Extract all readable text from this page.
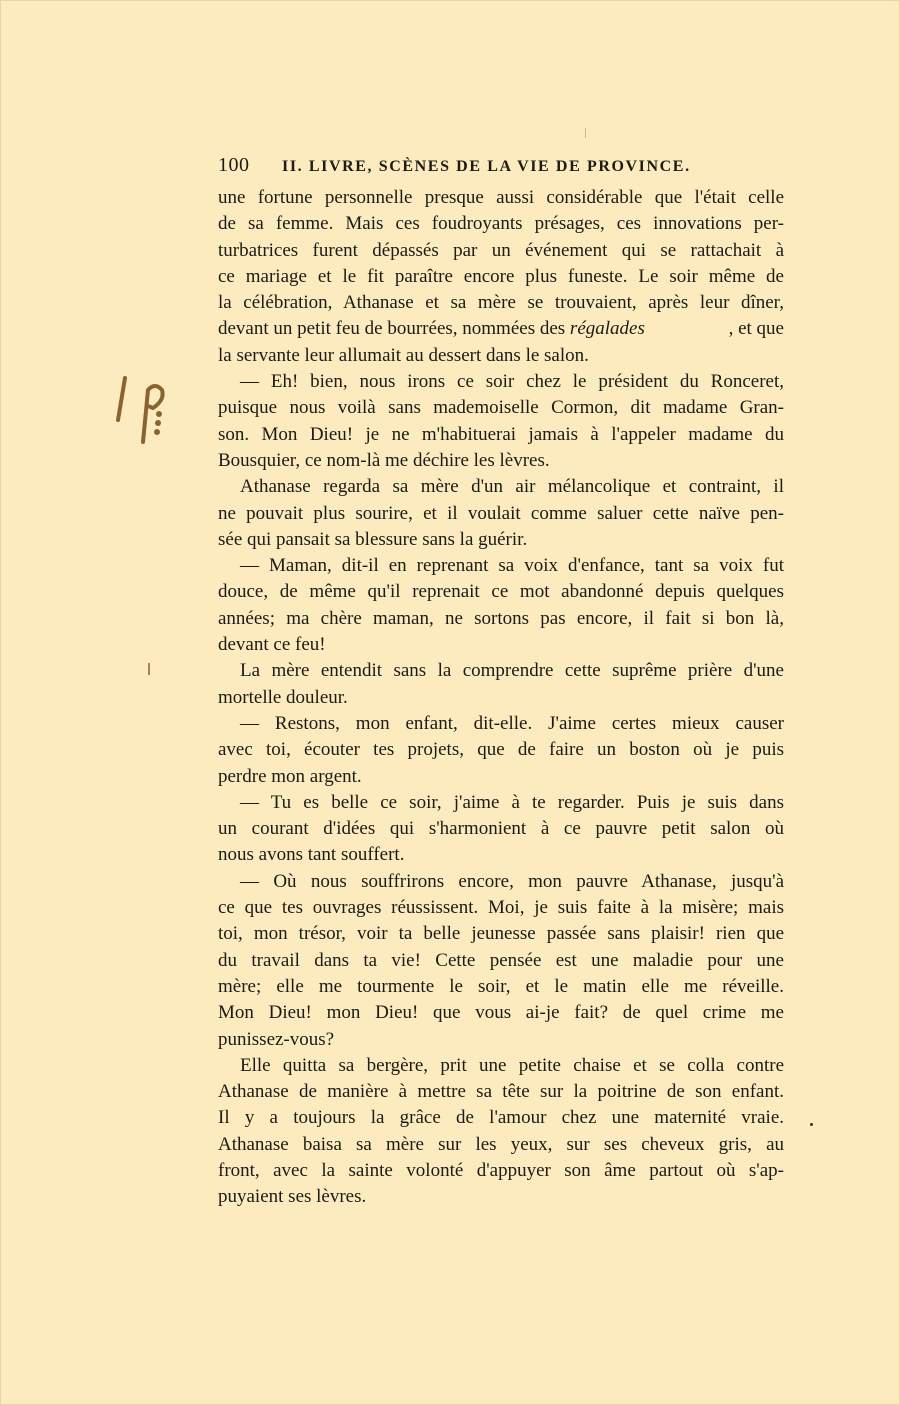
100	II. LIVRE, SCÈNES DE LA VIE DE PROVINCE.
une fortune personnelle presque aussi considérable que l'était celle
de sa femme. Mais ces foudroyants présages, ces innovations per-
turbatrices furent dépassés par un événement qui se rattachait à
ce mariage et le fit paraître encore plus funeste. Le soir même de
la célébration, Athanase et sa mère se trouvaient, après leur dîner,
devant un petit feu de bourrées, nommées des régalades	, et que
la servante leur allumait au dessert dans le salon.
— Eh! bien, nous irons ce soir chez le président du Ronceret,
puisque nous voilà sans mademoiselle Cormon, dit madame Gran-
son. Mon Dieu! je ne m'habituerai jamais à l'appeler madame du
Bousquier, ce nom-là me déchire les lèvres.
Athanase regarda sa mère d'un air mélancolique et contraint, il
ne pouvait plus sourire, et il voulait comme saluer cette naïve pen-
sée qui pansait sa blessure sans la guérir.
— Maman, dit-il en reprenant sa voix d'enfance, tant sa voix fut
douce, de même qu'il reprenait ce mot abandonné depuis quelques
années; ma chère maman, ne sortons pas encore, il fait si bon là,
devant ce feu!
La mère entendit sans la comprendre cette suprême prière d'une
mortelle douleur.
— Restons, mon enfant, dit-elle. J'aime certes mieux causer
avec toi, écouter tes projets, que de faire un boston où je puis
perdre mon argent.
— Tu es belle ce soir, j'aime à te regarder. Puis je suis dans
un courant d'idées qui s'harmonient à ce pauvre petit salon où
nous avons tant souffert.
— Où nous souffrirons encore, mon pauvre Athanase, jusqu'à
ce que tes ouvrages réussissent. Moi, je suis faite à la misère; mais
toi, mon trésor, voir ta belle jeunesse passée sans plaisir! rien que
du travail dans ta vie! Cette pensée est une maladie pour une
mère; elle me tourmente le soir, et le matin elle me réveille.
Mon Dieu! mon Dieu! que vous ai-je fait? de quel crime me
punissez-vous?
Elle quitta sa bergère, prit une petite chaise et se colla contre
Athanase de manière à mettre sa tête sur la poitrine de son enfant.
Il y a toujours la grâce de l'amour chez une maternité vraie.
Athanase baisa sa mère sur les yeux, sur ses cheveux gris, au
front, avec la sainte volonté d'appuyer son âme partout où s'ap-
puyaient ses lèvres.
